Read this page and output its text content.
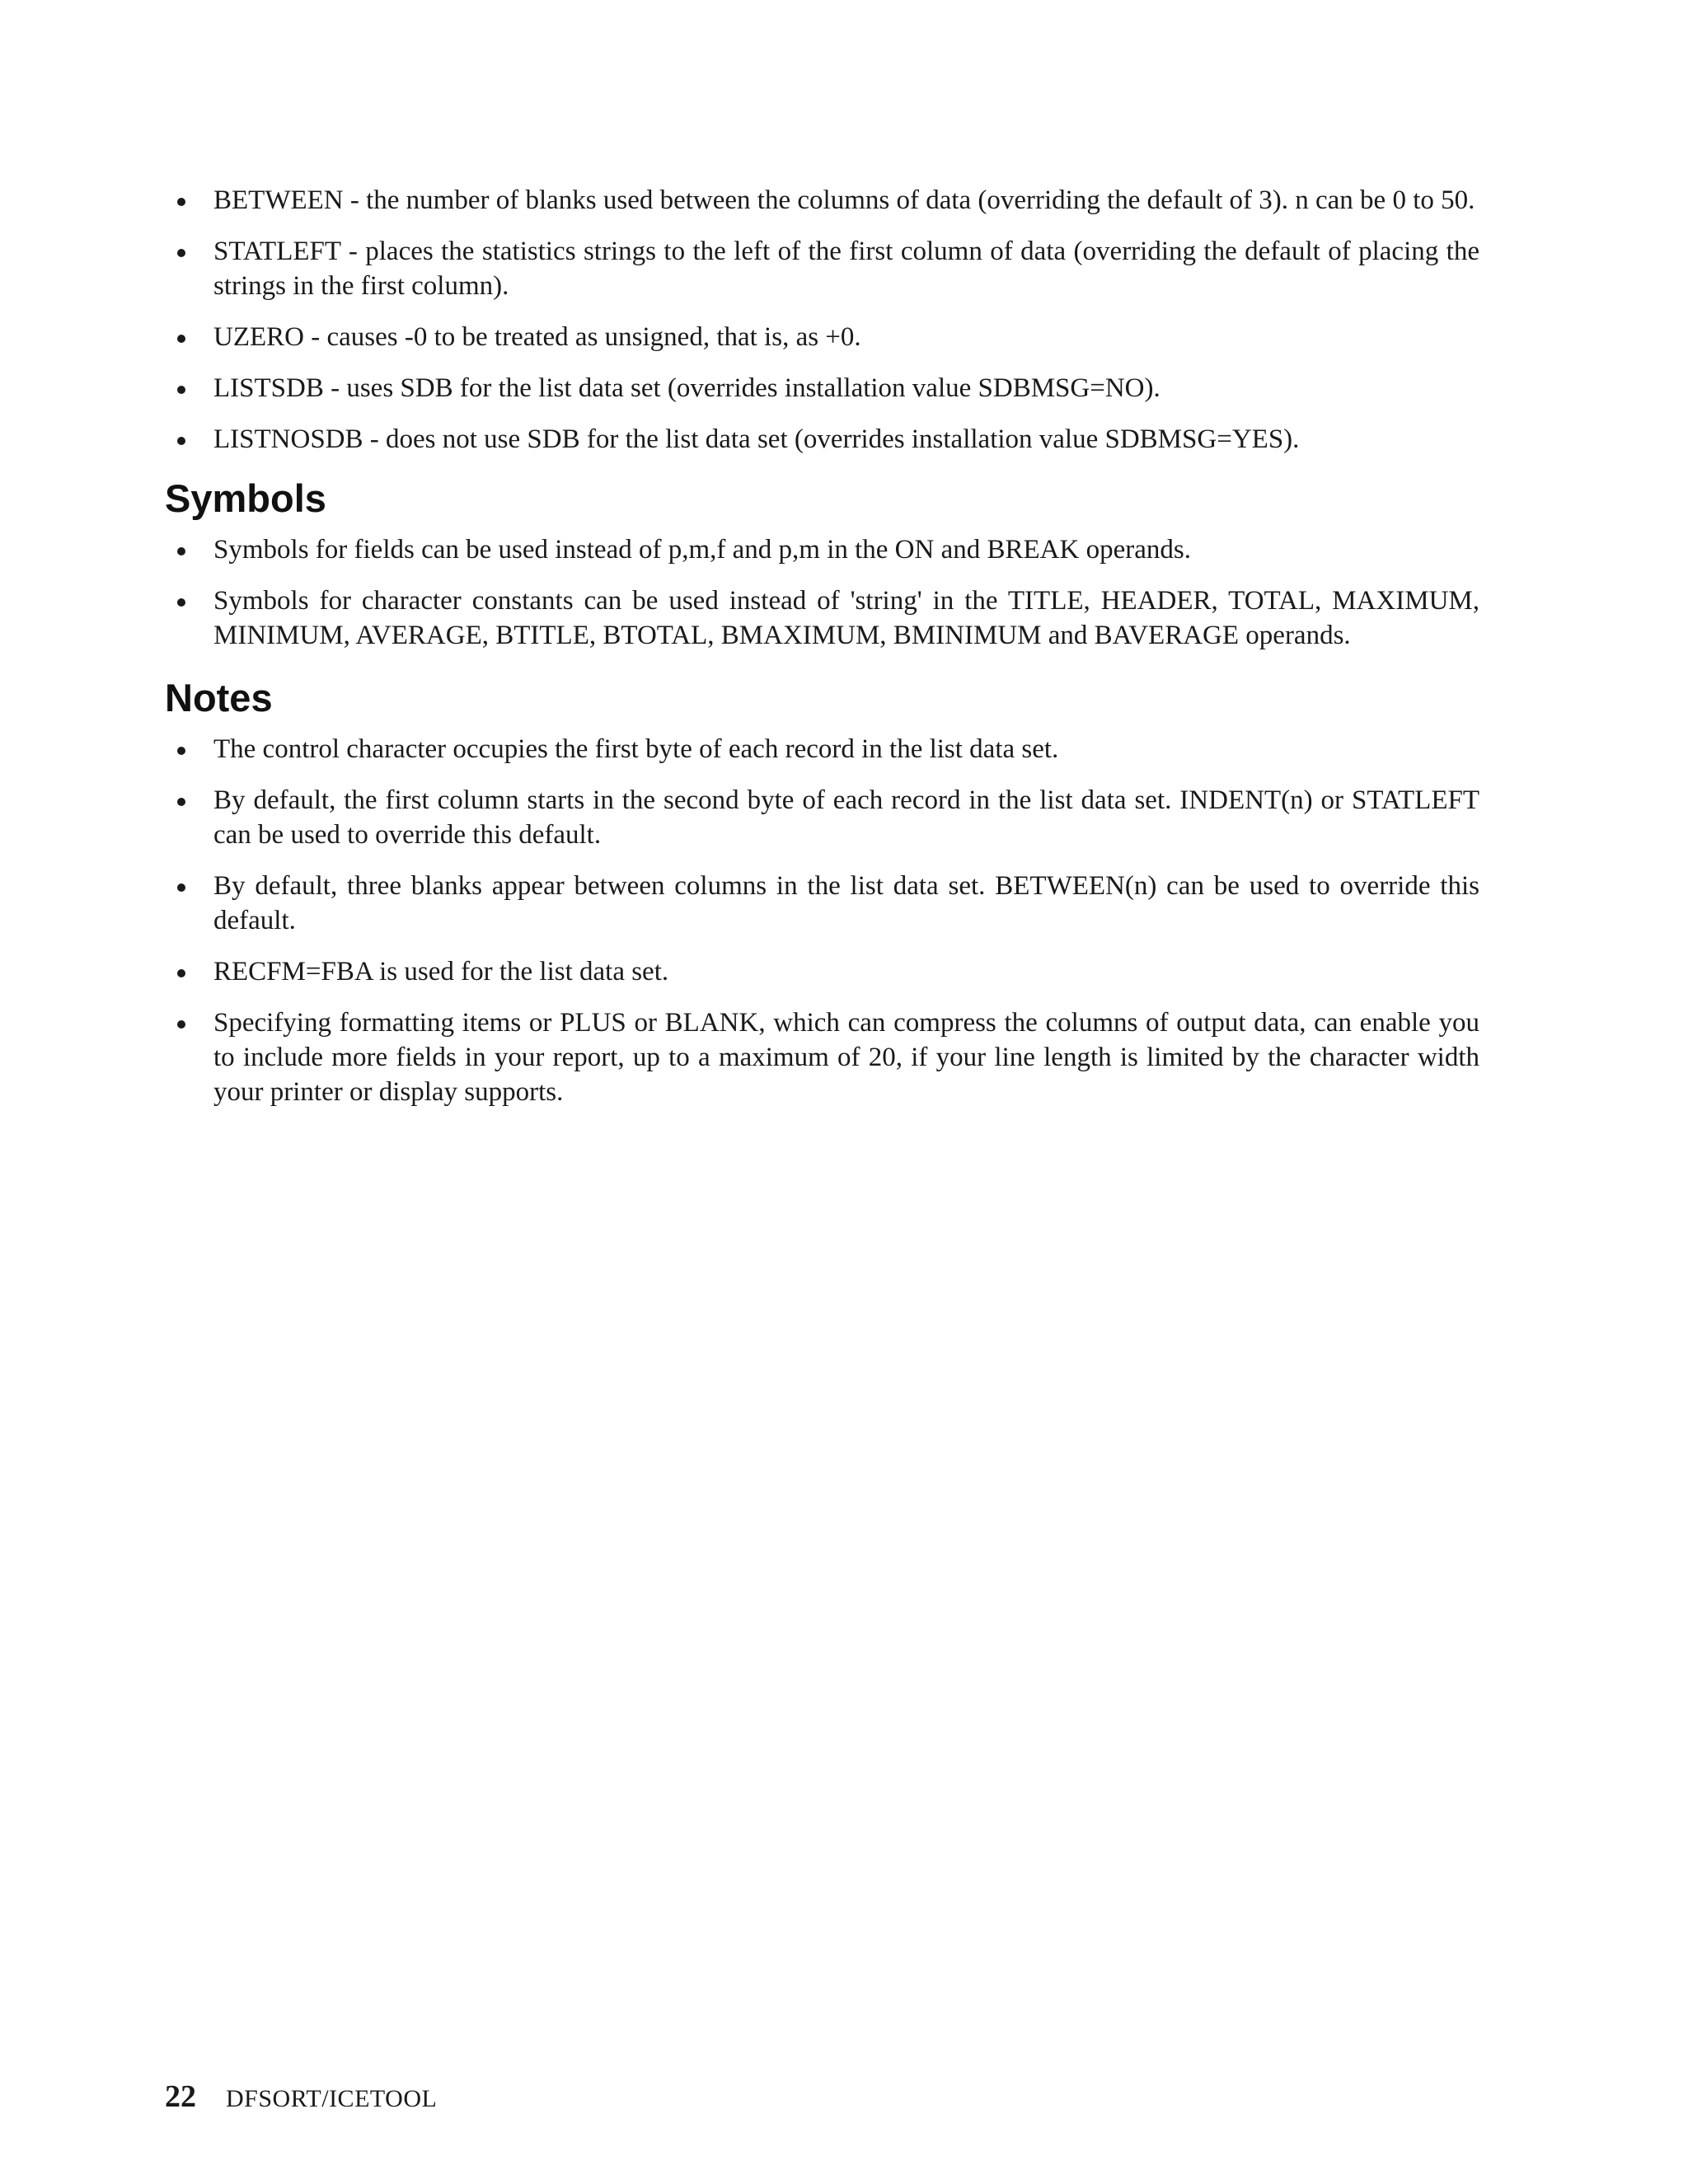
BETWEEN - the number of blanks used between the columns of data (overriding the default of 3). n can be 0 to 50.
STATLEFT - places the statistics strings to the left of the first column of data (overriding the default of placing the strings in the first column).
UZERO - causes -0 to be treated as unsigned, that is, as +0.
LISTSDB - uses SDB for the list data set (overrides installation value SDBMSG=NO).
LISTNOSDB - does not use SDB for the list data set (overrides installation value SDBMSG=YES).
Symbols
Symbols for fields can be used instead of p,m,f and p,m in the ON and BREAK operands.
Symbols for character constants can be used instead of 'string' in the TITLE, HEADER, TOTAL, MAXIMUM, MINIMUM, AVERAGE, BTITLE, BTOTAL, BMAXIMUM, BMINIMUM and BAVERAGE operands.
Notes
The control character occupies the first byte of each record in the list data set.
By default, the first column starts in the second byte of each record in the list data set. INDENT(n) or STATLEFT can be used to override this default.
By default, three blanks appear between columns in the list data set. BETWEEN(n) can be used to override this default.
RECFM=FBA is used for the list data set.
Specifying formatting items or PLUS or BLANK, which can compress the columns of output data, can enable you to include more fields in your report, up to a maximum of 20, if your line length is limited by the character width your printer or display supports.
22 DFSORT/ICETOOL
